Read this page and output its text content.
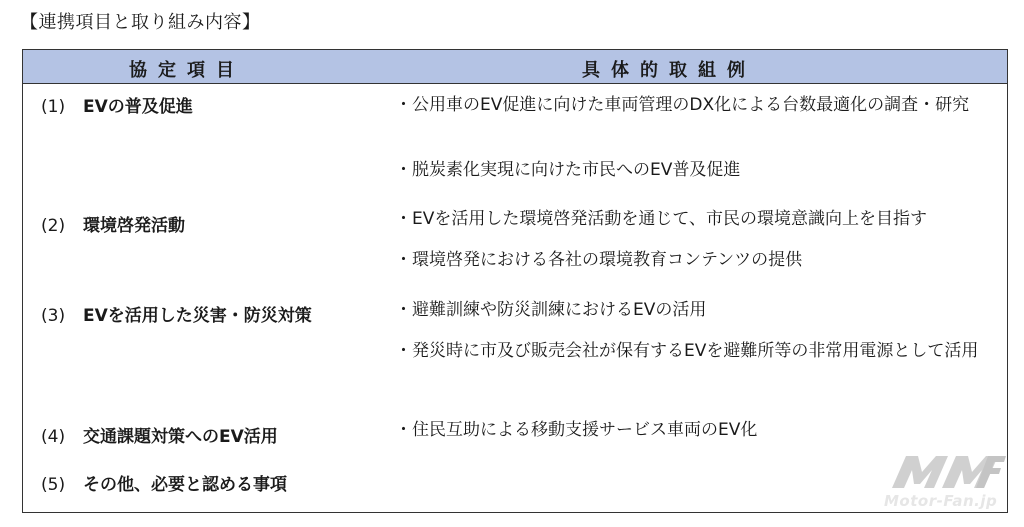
【連携項目と取り組み内容】
協定項目	具体的取組例
(1) EVの普及促進	・公用車のEV促進に向けた車両管理のDX化による台数最適化の調査・研究
・脱炭素化実現に向けた市民へのEV普及促進
(2) 環境啓発活動	・EVを活用した環境啓発活動を通じて、市民の環境意識向上を目指す
・環境啓発における各社の環境教育コンテンツの提供
(3) EVを活用した災害・防災対策	・避難訓練や防災訓練におけるEVの活用
・発災時に市及び販売会社が保有するEVを避難所等の非常用電源として活用
(4) 交通課題対策へのEV活用	・住民互助による移動支援サービス車両のEV化
(5) その他、必要と認める事項
Motor-Fan.jp
